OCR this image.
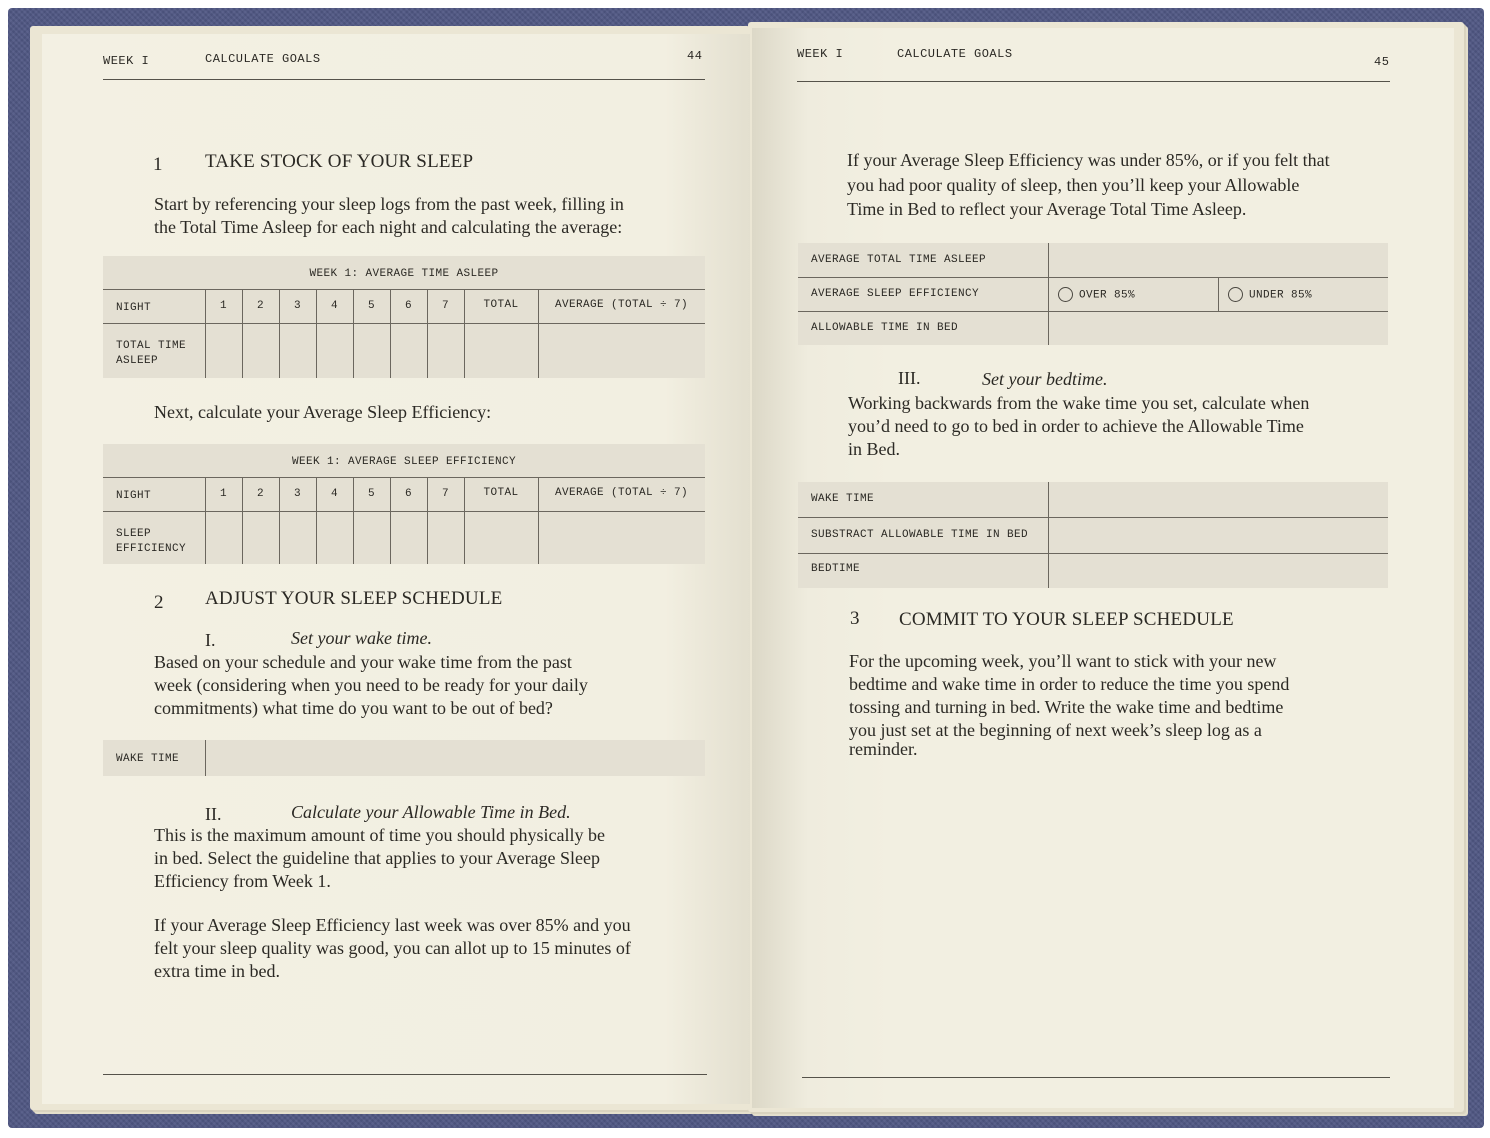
WEEK I	CALCULATE GOALS	44
1 TAKE STOCK OF YOUR SLEEP
Start by referencing your sleep logs from the past week, filling in
the Total Time Asleep for each night and calculating the average:
WEEK 1: AVERAGE TIME ASLEEP
NIGHT	1	2	3	4	5	6	7	TOTAL	AVERAGE (TOTAL ÷ 7)
TOTAL TIME
ASLEEP
Next, calculate your Average Sleep Efficiency:
WEEK 1: AVERAGE SLEEP EFFICIENCY
NIGHT	1	2	3	4	5	6	7	TOTAL	AVERAGE (TOTAL ÷ 7)
SLEEP
EFFICIENCY
2 ADJUST YOUR SLEEP SCHEDULE
I.	Set your wake time.
Based on your schedule and your wake time from the past
week (considering when you need to be ready for your daily
commitments) what time do you want to be out of bed?
WAKE TIME
II.	Calculate your Allowable Time in Bed.
This is the maximum amount of time you should physically be
in bed. Select the guideline that applies to your Average Sleep
Efficiency from Week 1.
If your Average Sleep Efficiency last week was over 85% and you
felt your sleep quality was good, you can allot up to 15 minutes of
extra time in bed.
WEEK I	CALCULATE GOALS
45
If your Average Sleep Efficiency was under 85%, or if you felt that
you had poor quality of sleep, then you’ll keep your Allowable
Time in Bed to reflect your Average Total Time Asleep.
AVERAGE TOTAL TIME ASLEEP
AVERAGE SLEEP EFFICIENCY	OVER 85%	UNDER 85%
ALLOWABLE TIME IN BED
III.	Set your bedtime.
Working backwards from the wake time you set, calculate when
you’d need to go to bed in order to achieve the Allowable Time
in Bed.
WAKE TIME
SUBSTRACT ALLOWABLE TIME IN BED
BEDTIME
3 COMMIT TO YOUR SLEEP SCHEDULE
For the upcoming week, you’ll want to stick with your new
bedtime and wake time in order to reduce the time you spend
tossing and turning in bed. Write the wake time and bedtime
you just set at the beginning of next week’s sleep log as a
reminder.
